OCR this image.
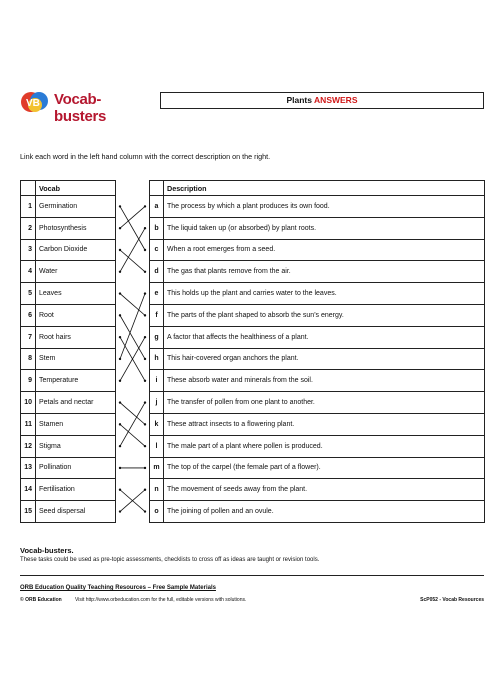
VB Vocab-busters
Plants ANSWERS
Link each word in the left hand column with the correct description on the right.
	Vocab
1	Germination
2	Photosynthesis
3	Carbon Dioxide
4	Water
5	Leaves
6	Root
7	Root hairs
8	Stem
9	Temperature
10	Petals and nectar
11	Stamen
12	Stigma
13	Pollination
14	Fertilisation
15	Seed dispersal
	Description
a	The process by which a plant produces its own food.
b	The liquid taken up (or absorbed) by plant roots.
c	When a root emerges from a seed.
d	The gas that plants remove from the air.
e	This holds up the plant and carries water to the leaves.
f	The parts of the plant shaped to absorb the sun’s energy.
g	A factor that affects the healthiness of a plant.
h	This hair-covered organ anchors the plant.
i	These absorb water and minerals from the soil.
j	The transfer of pollen from one plant to another.
k	These attract insects to a flowering plant.
l	The male part of a plant where pollen is produced.
m	The top of the carpel (the female part of a flower).
n	The movement of seeds away from the plant.
o	The joining of pollen and an ovule.
Vocab-busters.
These tasks could be used as pre-topic assessments, checklists to cross off as ideas are taught or revision tools.
ORB Education Quality Teaching Resources – Free Sample Materials
© ORB Education	Visit http://www.orbeducation.com for the full, editable versions with solutions.	ScP052 - Vocab Resources
